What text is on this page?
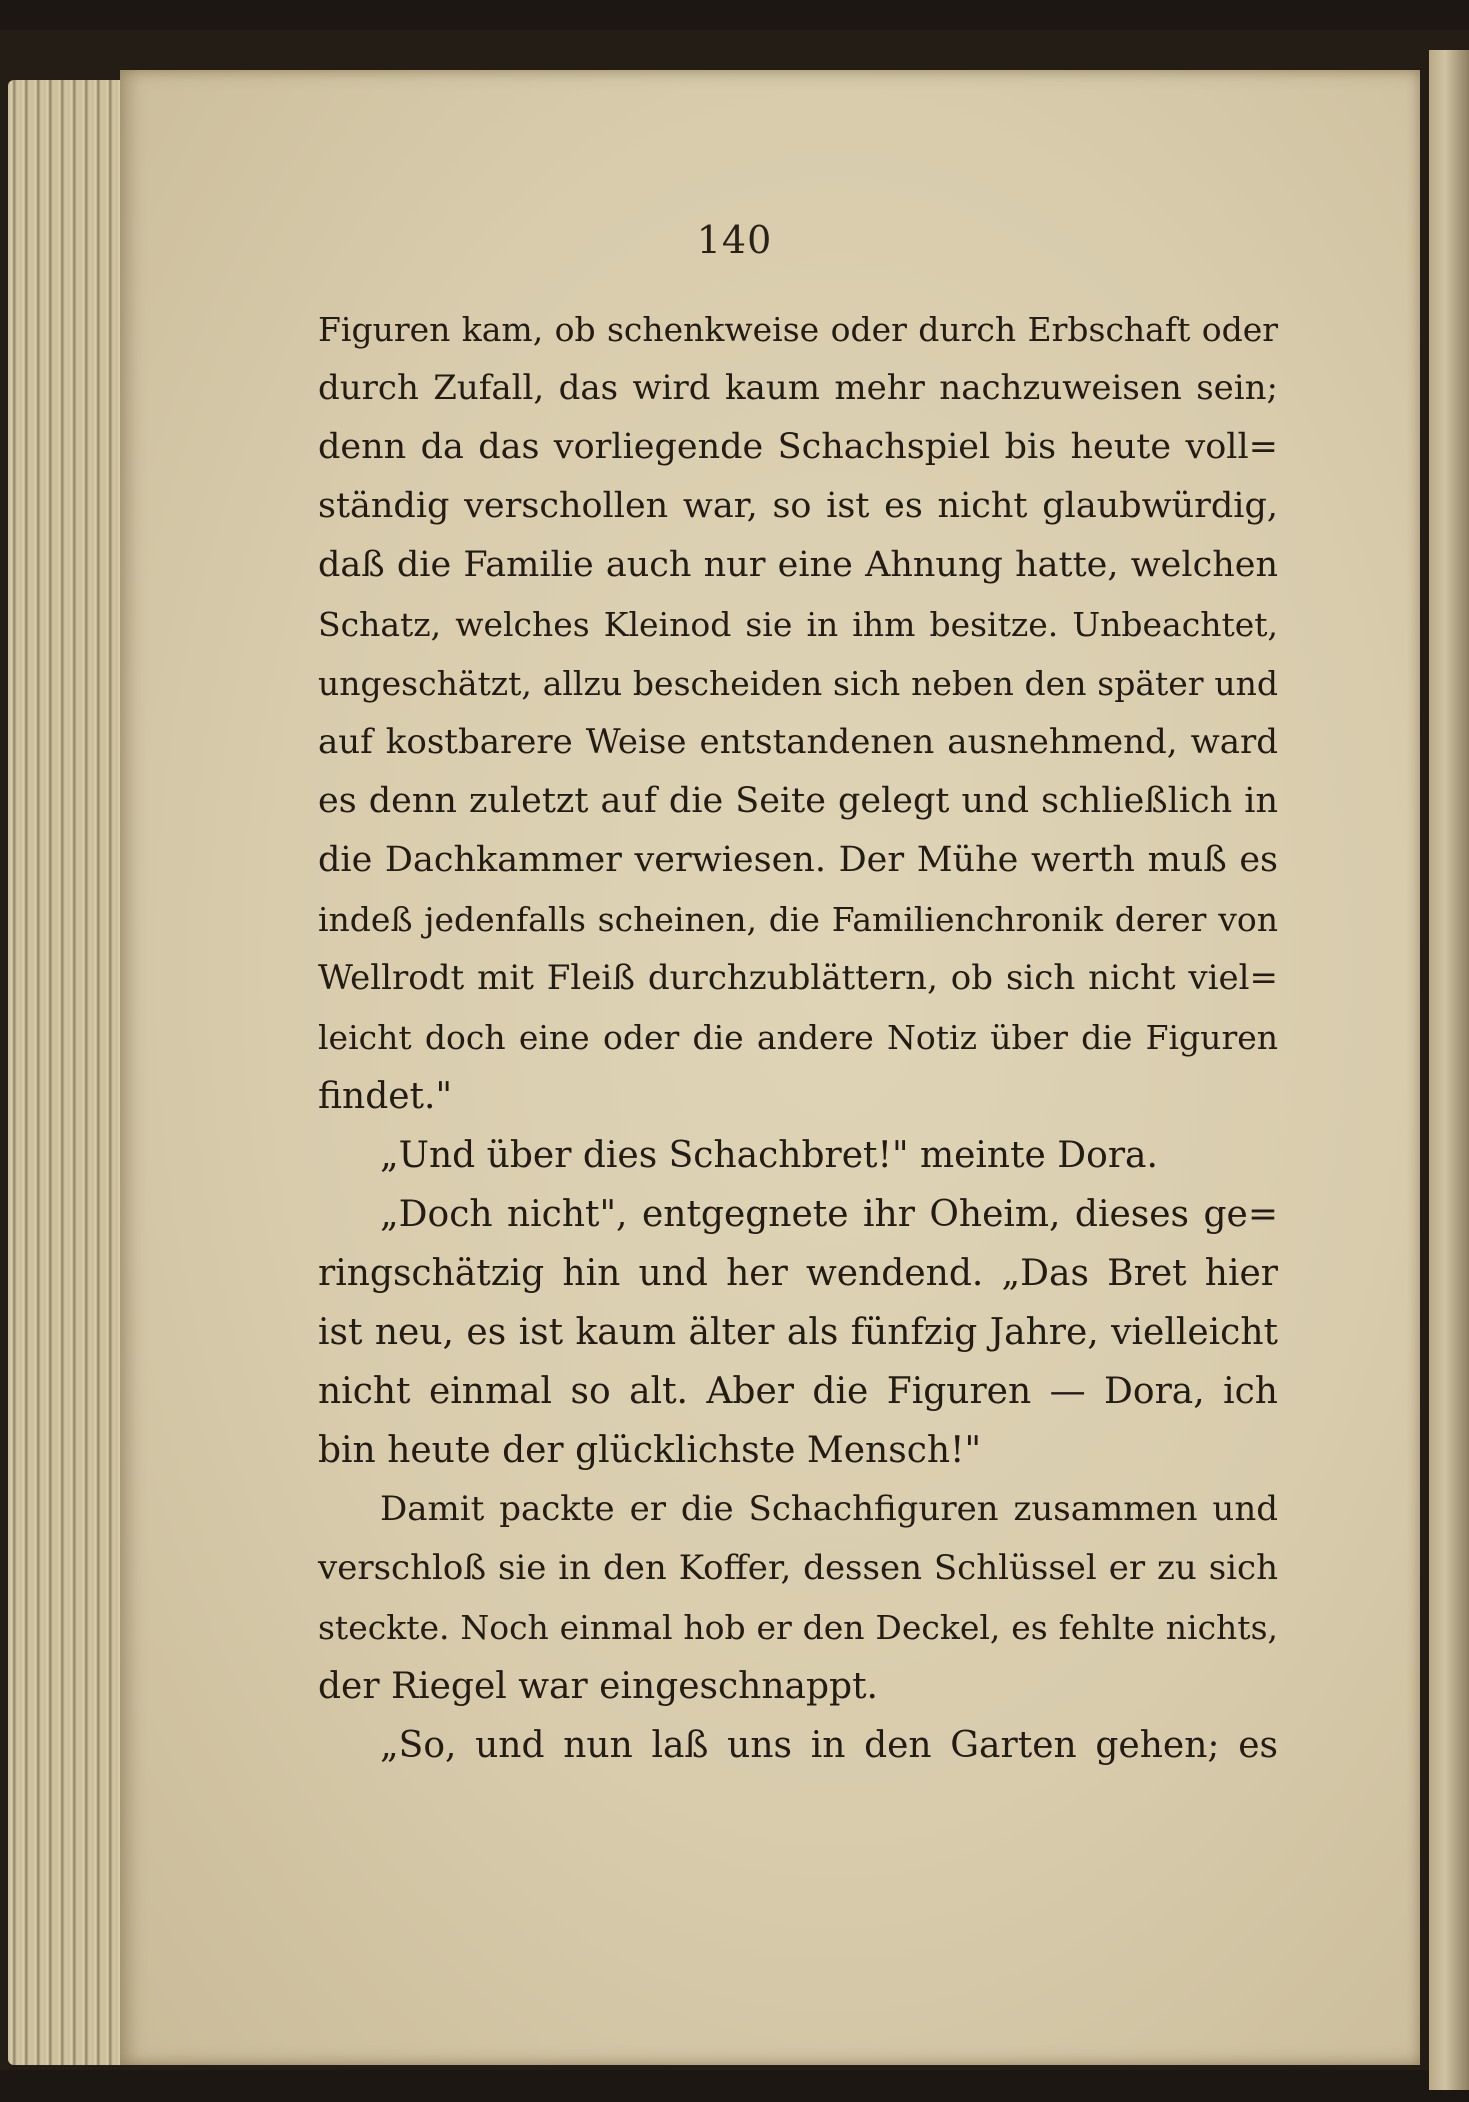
140
Figuren kam, ob schenkweise oder durch Erbschaft oder
durch Zufall, das wird kaum mehr nachzuweisen sein;
denn da das vorliegende Schachspiel bis heute voll=
ständig verschollen war, so ist es nicht glaubwürdig,
daß die Familie auch nur eine Ahnung hatte, welchen
Schatz, welches Kleinod sie in ihm besitze. Unbeachtet,
ungeschätzt, allzu bescheiden sich neben den später und
auf kostbarere Weise entstandenen ausnehmend, ward
es denn zuletzt auf die Seite gelegt und schließlich in
die Dachkammer verwiesen. Der Mühe werth muß es
indeß jedenfalls scheinen, die Familienchronik derer von
Wellrodt mit Fleiß durchzublättern, ob sich nicht viel=
leicht doch eine oder die andere Notiz über die Figuren
findet."
„Und über dies Schachbret!" meinte Dora.
„Doch nicht", entgegnete ihr Oheim, dieses ge=
ringschätzig hin und her wendend. „Das Bret hier
ist neu, es ist kaum älter als fünfzig Jahre, vielleicht
nicht einmal so alt. Aber die Figuren — Dora, ich
bin heute der glücklichste Mensch!"
Damit packte er die Schachfiguren zusammen und
verschloß sie in den Koffer, dessen Schlüssel er zu sich
steckte. Noch einmal hob er den Deckel, es fehlte nichts,
der Riegel war eingeschnappt.
„So, und nun laß uns in den Garten gehen; es
